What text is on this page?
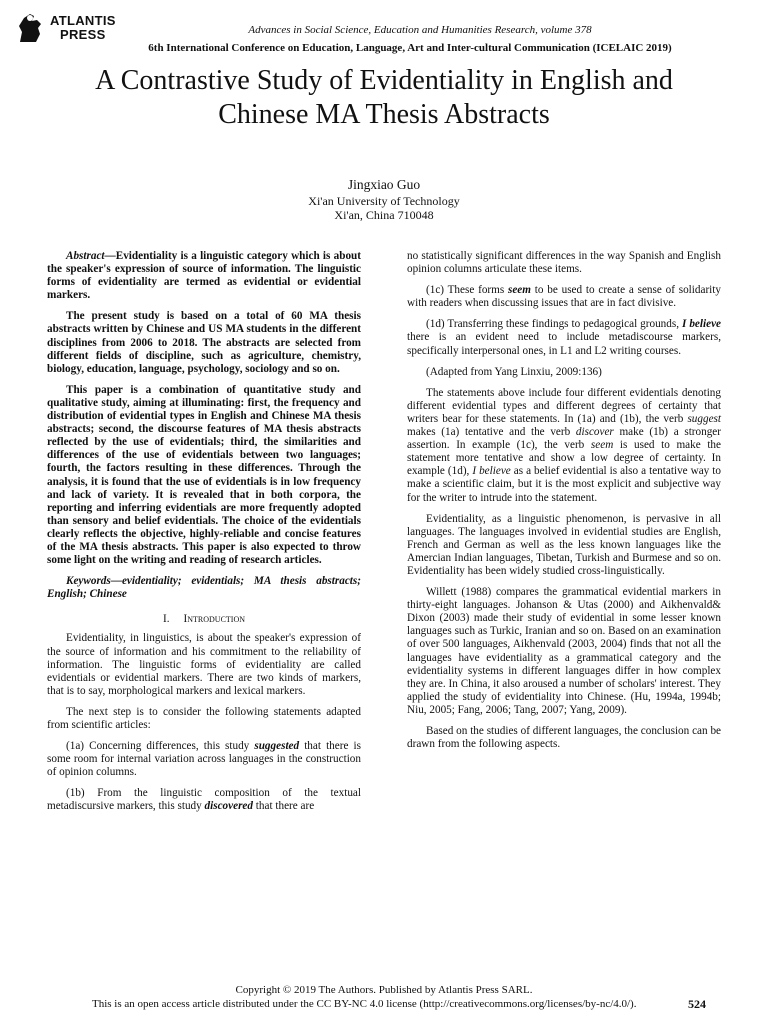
ATLANTIS
PRESS	Advances in Social Science, Education and Humanities Research, volume 378
6th International Conference on Education, Language, Art and Inter-cultural Communication (ICELAIC 2019)
A Contrastive Study of Evidentiality in English and
Chinese MA Thesis Abstracts
Jingxiao Guo
Xi'an University of Technology
Xi'an, China 710048

Abstract—Evidentiality is a linguistic category which is about the speaker's expression of source of information. The linguistic forms of evidentiality are termed as evidential or evidential markers.

The present study is based on a total of 60 MA thesis abstracts written by Chinese and US MA students in the different disciplines from 2006 to 2018. The abstracts are selected from different fields of discipline, such as agriculture, chemistry, biology, education, language, psychology, sociology and so on.

This paper is a combination of quantitative study and qualitative study, aiming at illuminating: first, the frequency and distribution of evidential types in English and Chinese MA thesis abstracts; second, the discourse features of MA thesis abstracts reflected by the use of evidentials; third, the similarities and differences of the use of evidentials between two languages; fourth, the factors resulting in these differences. Through the analysis, it is found that the use of evidentials is in low frequency and lack of variety. It is revealed that in both corpora, the reporting and inferring evidentials are more frequently adopted than sensory and belief evidentials. The choice of the evidentials clearly reflects the objective, highly-reliable and concise features of the MA thesis abstracts. This paper is also expected to throw some light on the writing and reading of research articles.

Keywords—evidentiality; evidentials; MA thesis abstracts; English; Chinese

I. Introduction

Evidentiality, in linguistics, is about the speaker's expression of the source of information and his commitment to the reliability of information. The linguistic forms of evidentiality are called evidentials or evidential markers. There are two kinds of markers, that is to say, morphological markers and lexical markers.

The next step is to consider the following statements adapted from scientific articles:

(1a) Concerning differences, this study suggested that there is some room for internal variation across languages in the construction of opinion columns.

(1b) From the linguistic composition of the textual metadiscursive markers, this study discovered that there are

no statistically significant differences in the way Spanish and English opinion columns articulate these items.

(1c) These forms seem to be used to create a sense of solidarity with readers when discussing issues that are in fact divisive.

(1d) Transferring these findings to pedagogical grounds, I believe there is an evident need to include metadiscourse markers, specifically interpersonal ones, in L1 and L2 writing courses.

(Adapted from Yang Linxiu, 2009:136)

The statements above include four different evidentials denoting different evidential types and different degrees of certainty that writers bear for these statements. In (1a) and (1b), the verb suggest makes (1a) tentative and the verb discover make (1b) a stronger assertion. In example (1c), the verb seem is used to make the statement more tentative and show a low degree of certainty. In example (1d), I believe as a belief evidential is also a tentative way to make a scientific claim, but it is the most explicit and subjective way for the writer to intrude into the statement.

Evidentiality, as a linguistic phenomenon, is pervasive in all languages. The languages involved in evidential studies are English, French and German as well as the less known languages like the Amercian Indian languages, Tibetan, Turkish and Burmese and so on. Evidentiality has been widely studied cross-linguistically.

Willett (1988) compares the grammatical evidential markers in thirty-eight languages. Johanson & Utas (2000) and Aikhenvald& Dixon (2003) made their study of evidential in some lesser known languages such as Turkic, Iranian and so on. Based on an examination of over 500 languages, Aikhenvald (2003, 2004) finds that not all the languages have evidentiality as a grammatical category and the evidentiality systems in different languages differ in how complex they are. In China, it also aroused a number of scholars' interest. They applied the study of evidentiality into Chinese. (Hu, 1994a, 1994b; Niu, 2005; Fang, 2006; Tang, 2007; Yang, 2009).

Based on the studies of different languages, the conclusion can be drawn from the following aspects.

Copyright © 2019 The Authors. Published by Atlantis Press SARL.
This is an open access article distributed under the CC BY-NC 4.0 license (http://creativecommons.org/licenses/by-nc/4.0/).	524
